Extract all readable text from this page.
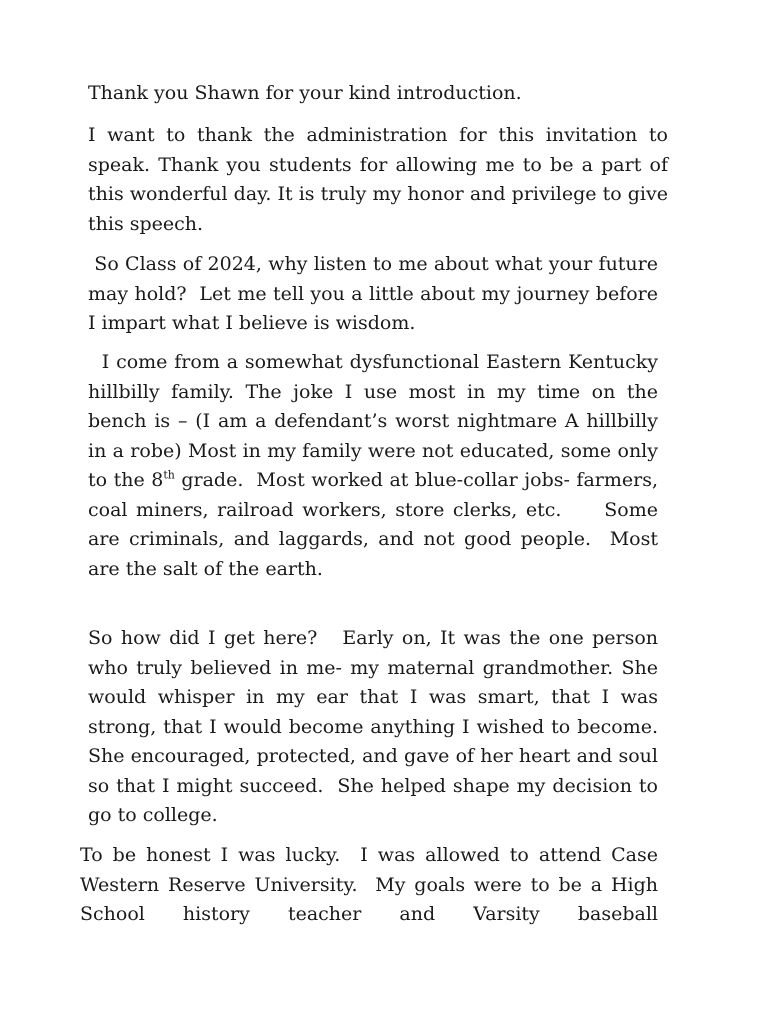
Thank you Shawn for your kind introduction.

I want to thank the administration for this invitation to speak. Thank you students for allowing me to be a part of this wonderful day. It is truly my honor and privilege to give this speech.

So Class of 2024, why listen to me about what your future may hold?  Let me tell you a little about my journey before I impart what I believe is wisdom.

I come from a somewhat dysfunctional Eastern Kentucky hillbilly family. The joke I use most in my time on the bench is – (I am a defendant’s worst nightmare A hillbilly in a robe) Most in my family were not educated, some only to the 8th grade.  Most worked at blue-collar jobs- farmers, coal miners, railroad workers, store clerks, etc.     Some are criminals, and laggards, and not good people.  Most are the salt of the earth.

So how did I get here?   Early on, It was the one person who truly believed in me- my maternal grandmother. She would whisper in my ear that I was smart, that I was strong, that I would become anything I wished to become.  She encouraged, protected, and gave of her heart and soul so that I might succeed.  She helped shape my decision to go to college.

To be honest I was lucky.  I was allowed to attend Case Western Reserve University.  My goals were to be a High School history teacher and Varsity baseball
